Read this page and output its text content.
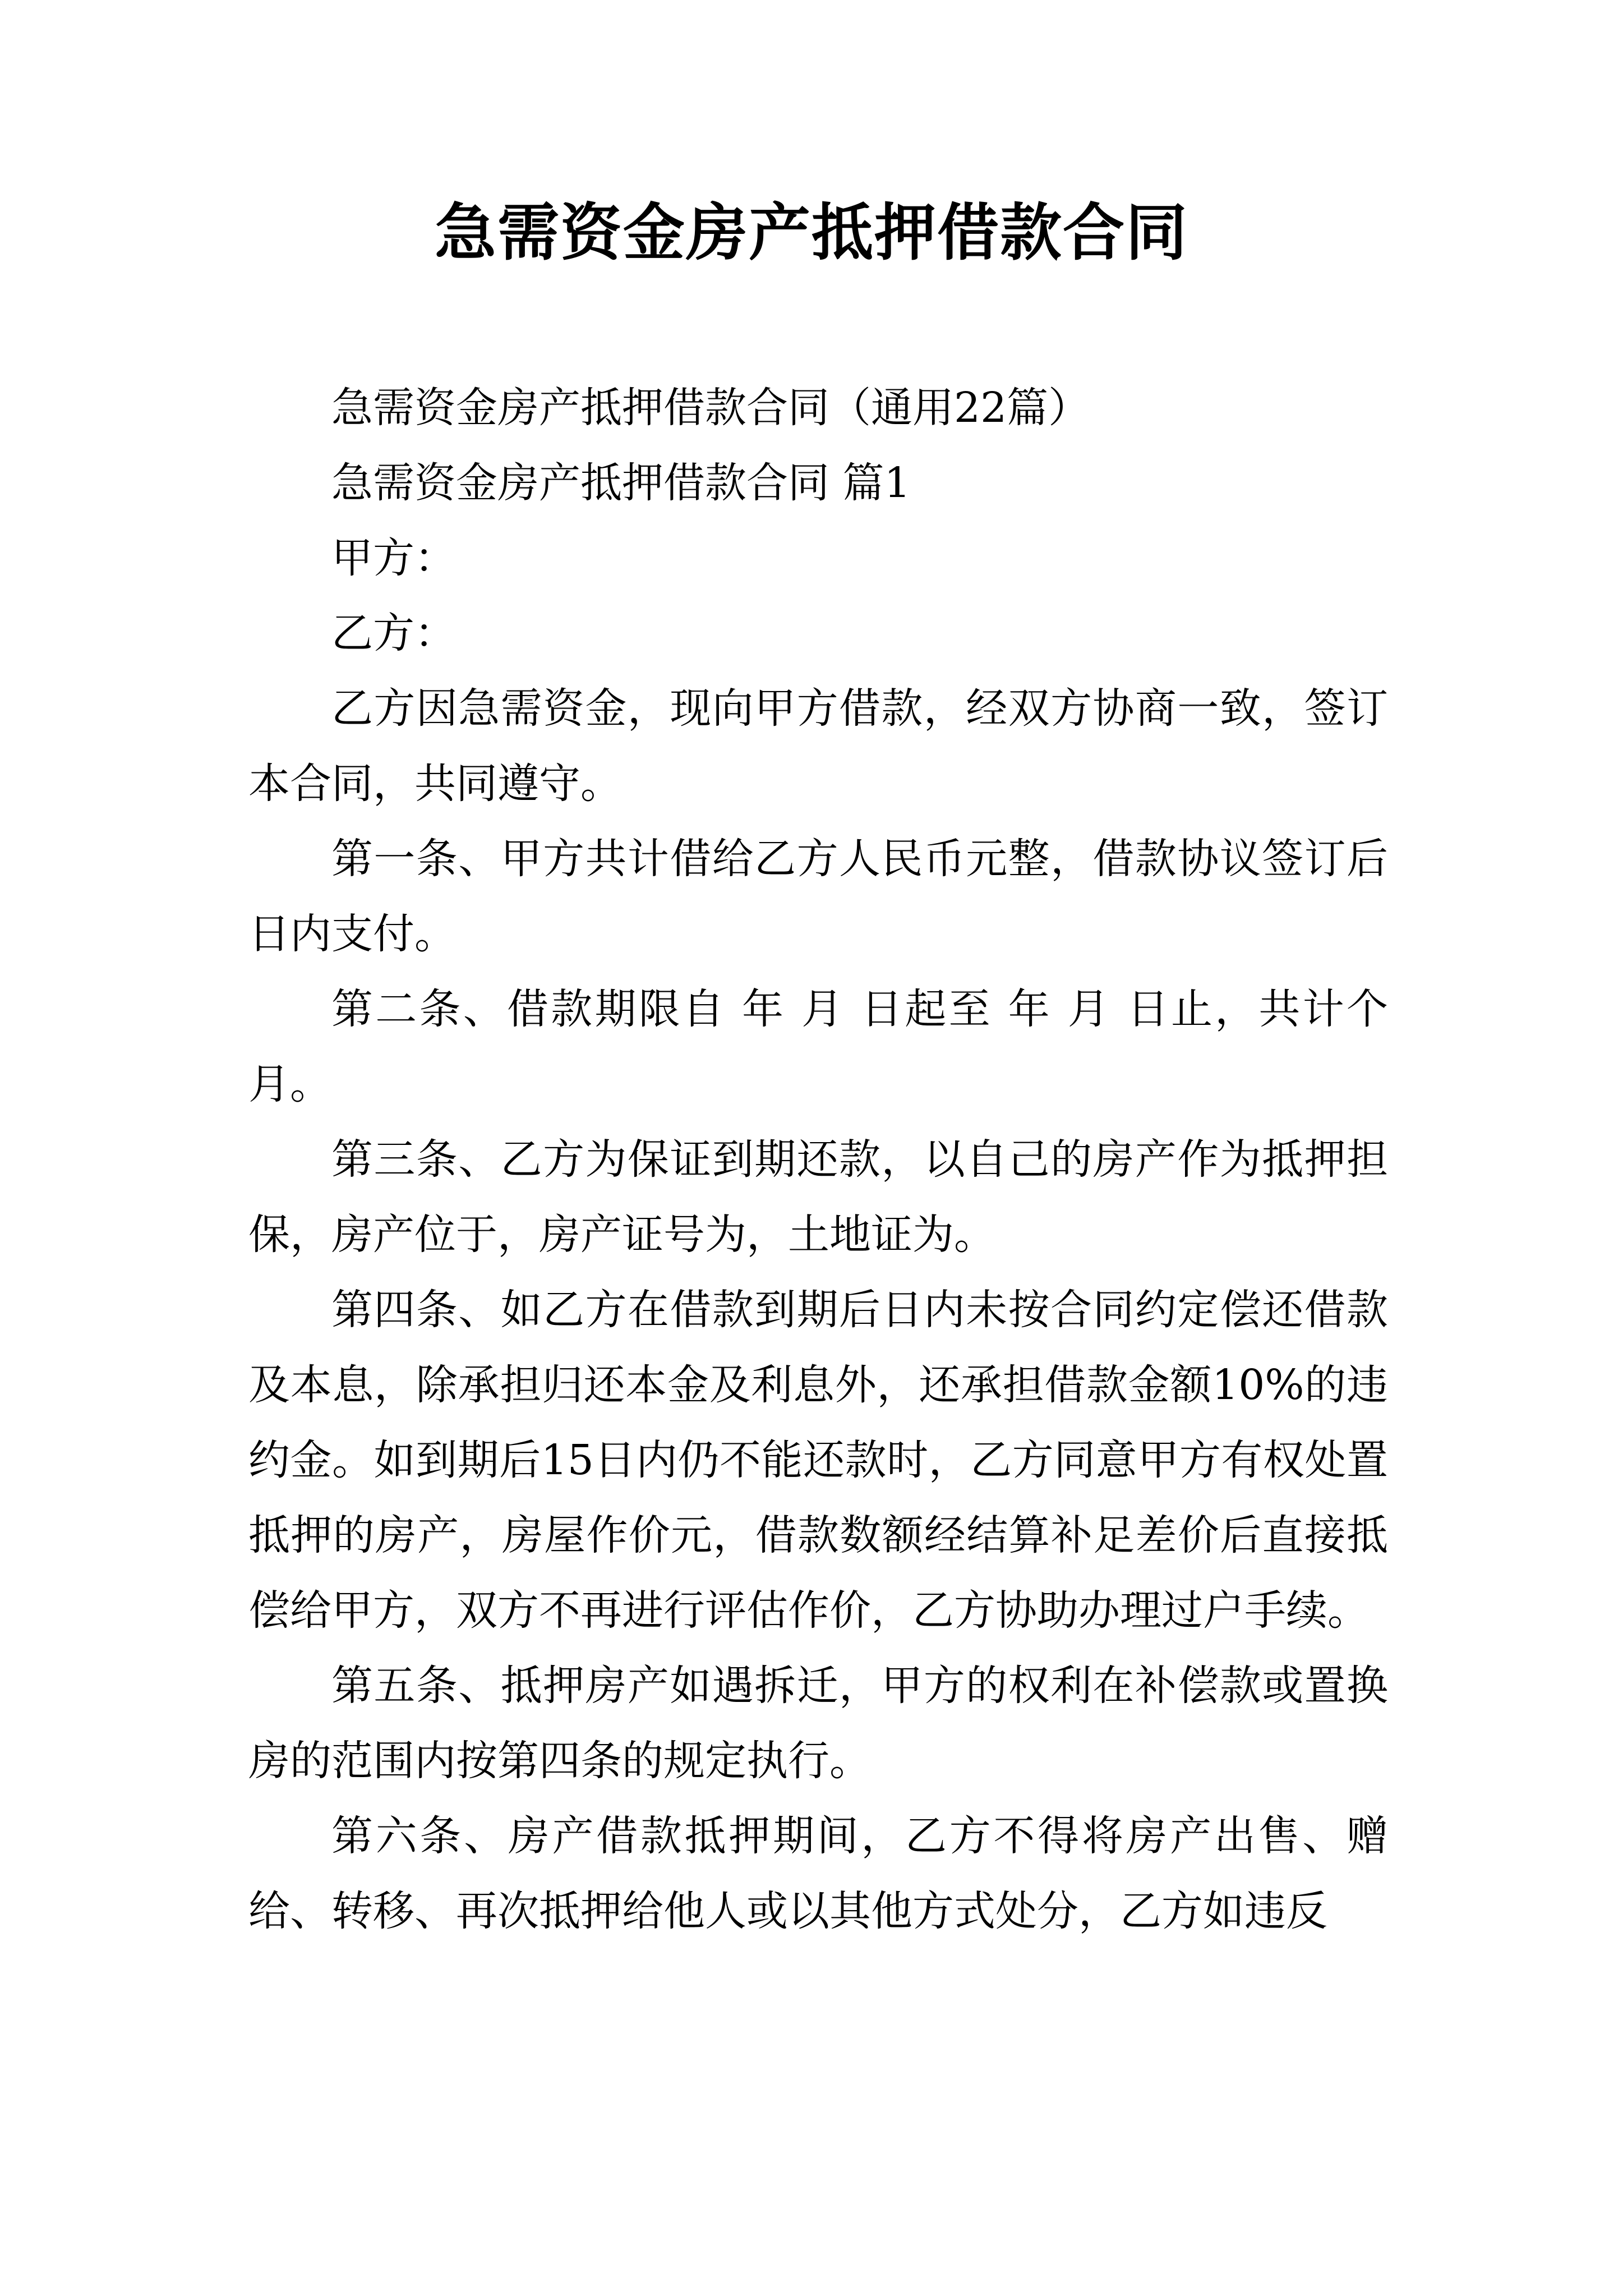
急需资金房产抵押借款合同

急需资金房产抵押借款合同（通用22篇）

急需资金房产抵押借款合同 篇1

甲方：

乙方：

乙方因急需资金，现向甲方借款，经双方协商一致，签订本合同，共同遵守。

第一条、甲方共计借给乙方人民币元整，借款协议签订后日内支付。

第二条、借款期限自 年 月 日起至 年 月 日止，共计个 月。

第三条、乙方为保证到期还款，以自己的房产作为抵押担保，房产位于，房产证号为，土地证为。

第四条、如乙方在借款到期后日内未按合同约定偿还借款及本息，除承担归还本金及利息外，还承担借款金额10%的违约金。如到期后15日内仍不能还款时，乙方同意甲方有权处置抵押的房产，房屋作价元，借款数额经结算补足差价后直接抵偿给甲方，双方不再进行评估作价，乙方协助办理过户手续。

第五条、抵押房产如遇拆迁，甲方的权利在补偿款或置换房的范围内按第四条的规定执行。

第六条、房产借款抵押期间，乙方不得将房产出售、赠给、转移、再次抵押给他人或以其他方式处分，乙方如违反
